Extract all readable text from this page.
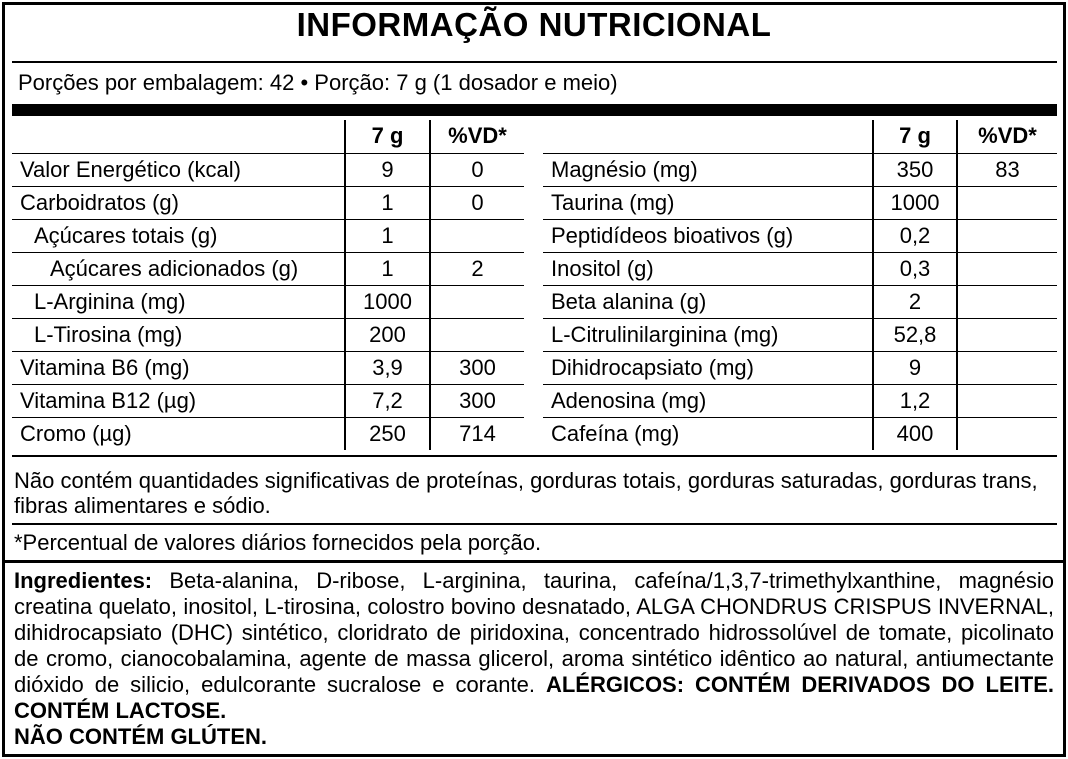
INFORMAÇÃO NUTRICIONAL
Porções por embalagem: 42 • Porção: 7 g (1 dosador e meio)
	7 g	%VD*
Valor Energético (kcal)	9	0
Carboidratos (g)	1	0
Açúcares totais (g)	1	
Açúcares adicionados (g)	1	2
L-Arginina (mg)	1000	
L-Tirosina (mg)	200	
Vitamina B6 (mg)	3,9	300
Vitamina B12 (µg)	7,2	300
Cromo (µg)	250	714
	7 g	%VD*
Magnésio (mg)	350	83
Taurina (mg)	1000	
Peptidídeos bioativos (g)	0,2	
Inositol (g)	0,3	
Beta alanina (g)	2	
L-Citrulinilarginina (mg)	52,8	
Dihidrocapsiato (mg)	9	
Adenosina (mg)	1,2	
Cafeína (mg)	400	
Não contém quantidades significativas de proteínas, gorduras totais, gorduras saturadas, gorduras trans, fibras alimentares e sódio.
*Percentual de valores diários fornecidos pela porção.
Ingredientes: Beta-alanina, D-ribose, L-arginina, taurina, cafeína/1,3,7-trimethylxanthine, magnésio creatina quelato, inositol, L-tirosina, colostro bovino desnatado, ALGA CHONDRUS CRISPUS INVERNAL, dihidrocapsiato (DHC) sintético, cloridrato de piridoxina, concentrado hidrossolúvel de tomate, picolinato de cromo, cianocobalamina, agente de massa glicerol, aroma sintético idêntico ao natural, antiumectante dióxido de silicio, edulcorante sucralose e corante. ALÉRGICOS: CONTÉM DERIVADOS DO LEITE. CONTÉM LACTOSE.
NÃO CONTÉM GLÚTEN.
